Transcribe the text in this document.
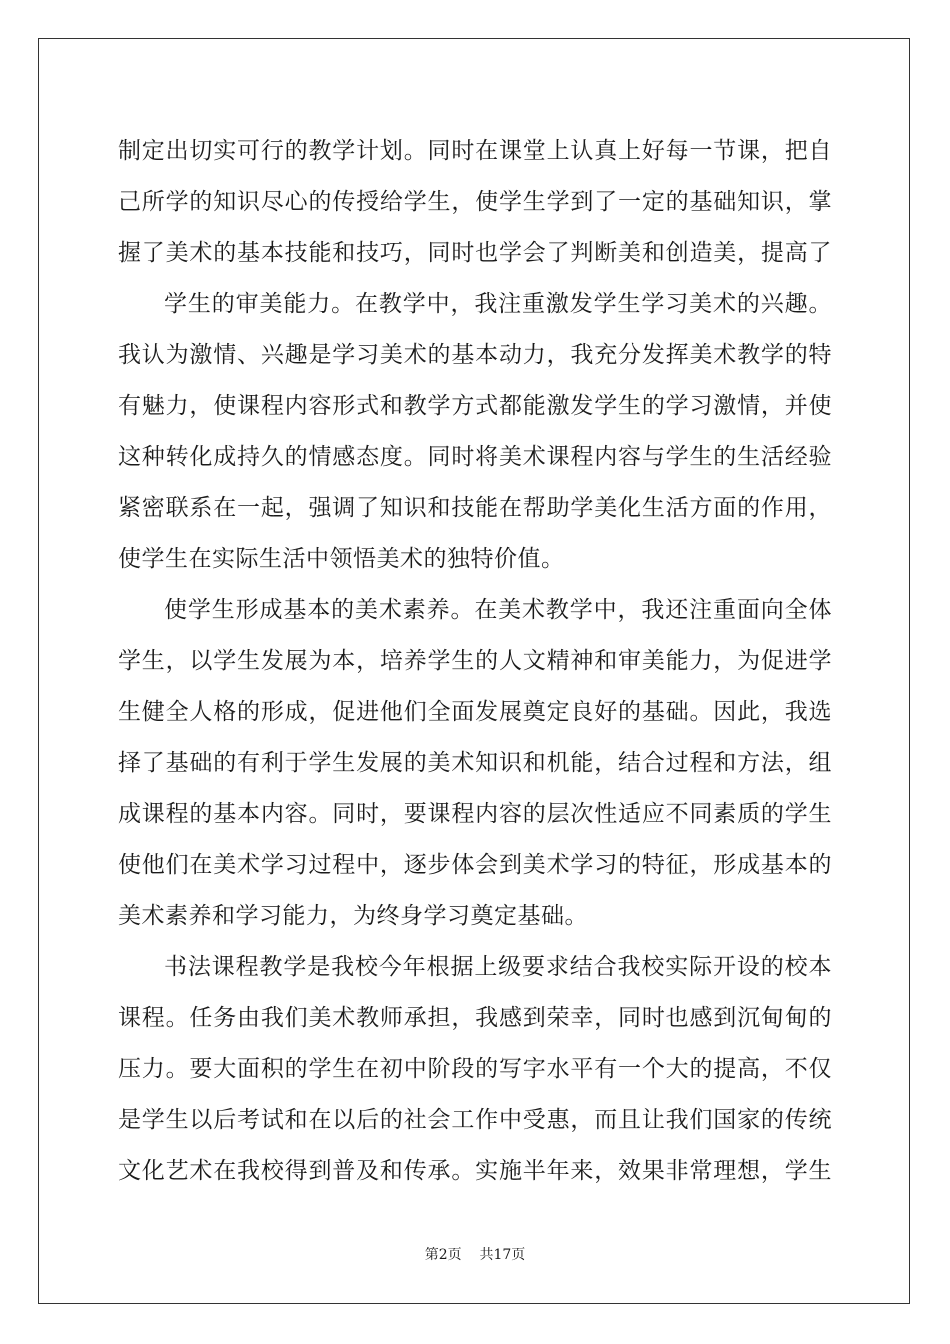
制定出切实可行的教学计划。同时在课堂上认真上好每一节课，把自
己所学的知识尽心的传授给学生，使学生学到了一定的基础知识，掌
握了美术的基本技能和技巧，同时也学会了判断美和创造美，提高了
学生的审美能力。在教学中，我注重激发学生学习美术的兴趣。
我认为激情、兴趣是学习美术的基本动力，我充分发挥美术教学的特
有魅力，使课程内容形式和教学方式都能激发学生的学习激情，并使
这种转化成持久的情感态度。同时将美术课程内容与学生的生活经验
紧密联系在一起，强调了知识和技能在帮助学美化生活方面的作用，
使学生在实际生活中领悟美术的独特价值。
使学生形成基本的美术素养。在美术教学中，我还注重面向全体
学生，以学生发展为本，培养学生的人文精神和审美能力，为促进学
生健全人格的形成，促进他们全面发展奠定良好的基础。因此，我选
择了基础的有利于学生发展的美术知识和机能，结合过程和方法，组
成课程的基本内容。同时，要课程内容的层次性适应不同素质的学生
使他们在美术学习过程中，逐步体会到美术学习的特征，形成基本的
美术素养和学习能力，为终身学习奠定基础。
书法课程教学是我校今年根据上级要求结合我校实际开设的校本
课程。任务由我们美术教师承担，我感到荣幸，同时也感到沉甸甸的
压力。要大面积的学生在初中阶段的写字水平有一个大的提高，不仅
是学生以后考试和在以后的社会工作中受惠，而且让我们国家的传统
文化艺术在我校得到普及和传承。实施半年来，效果非常理想，学生
第2页 共17页
